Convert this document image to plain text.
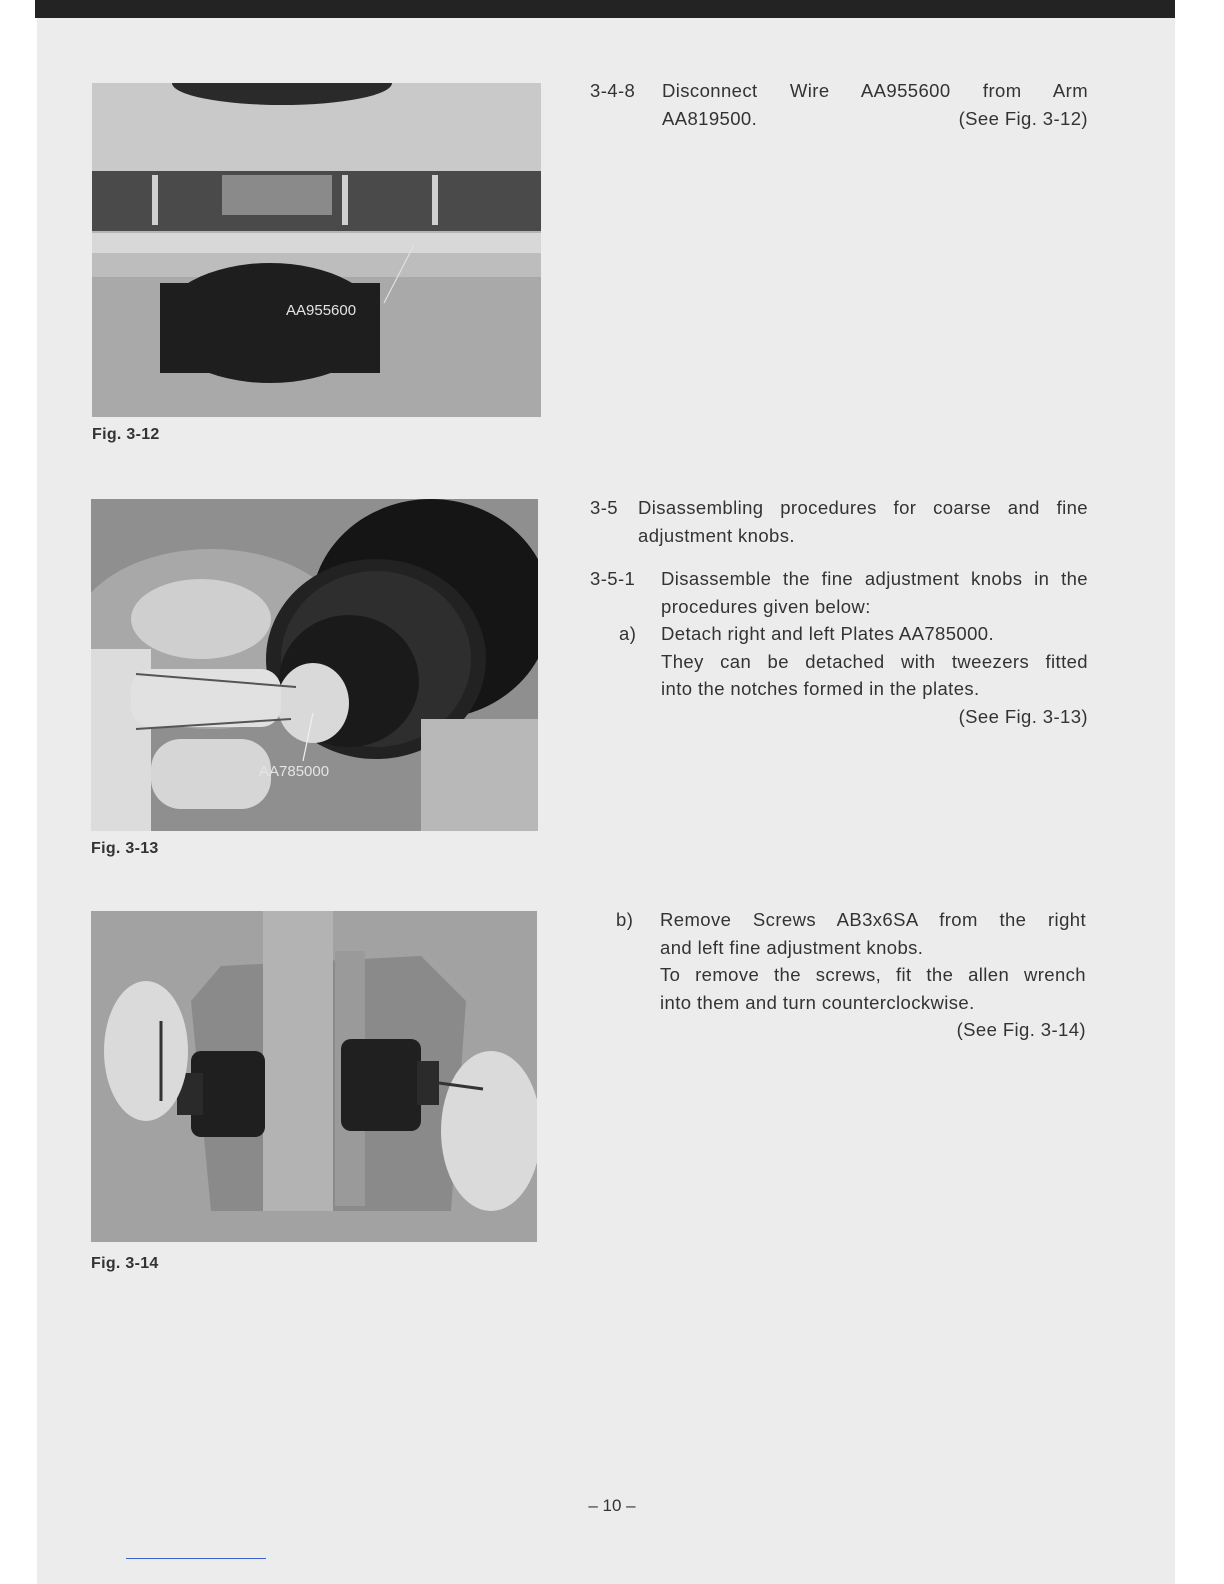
AA955600
Fig. 3-12
AA785000
Fig. 3-13
Fig. 3-14
3-4-8 Disconnect Wire AA955600 from Arm
AA819500.	(See Fig. 3-12)
3-5 Disassembling procedures for coarse and fine
adjustment knobs.
3-5-1 Disassemble the fine adjustment knobs in the
procedures given below:
a) Detach right and left Plates AA785000.
They can be detached with tweezers fitted
into the notches formed in the plates.
(See Fig. 3-13)
b) Remove Screws AB3x6SA from the right
and left fine adjustment knobs.
To remove the screws, fit the allen wrench
into them and turn counterclockwise.
(See Fig. 3-14)
– 10 –
